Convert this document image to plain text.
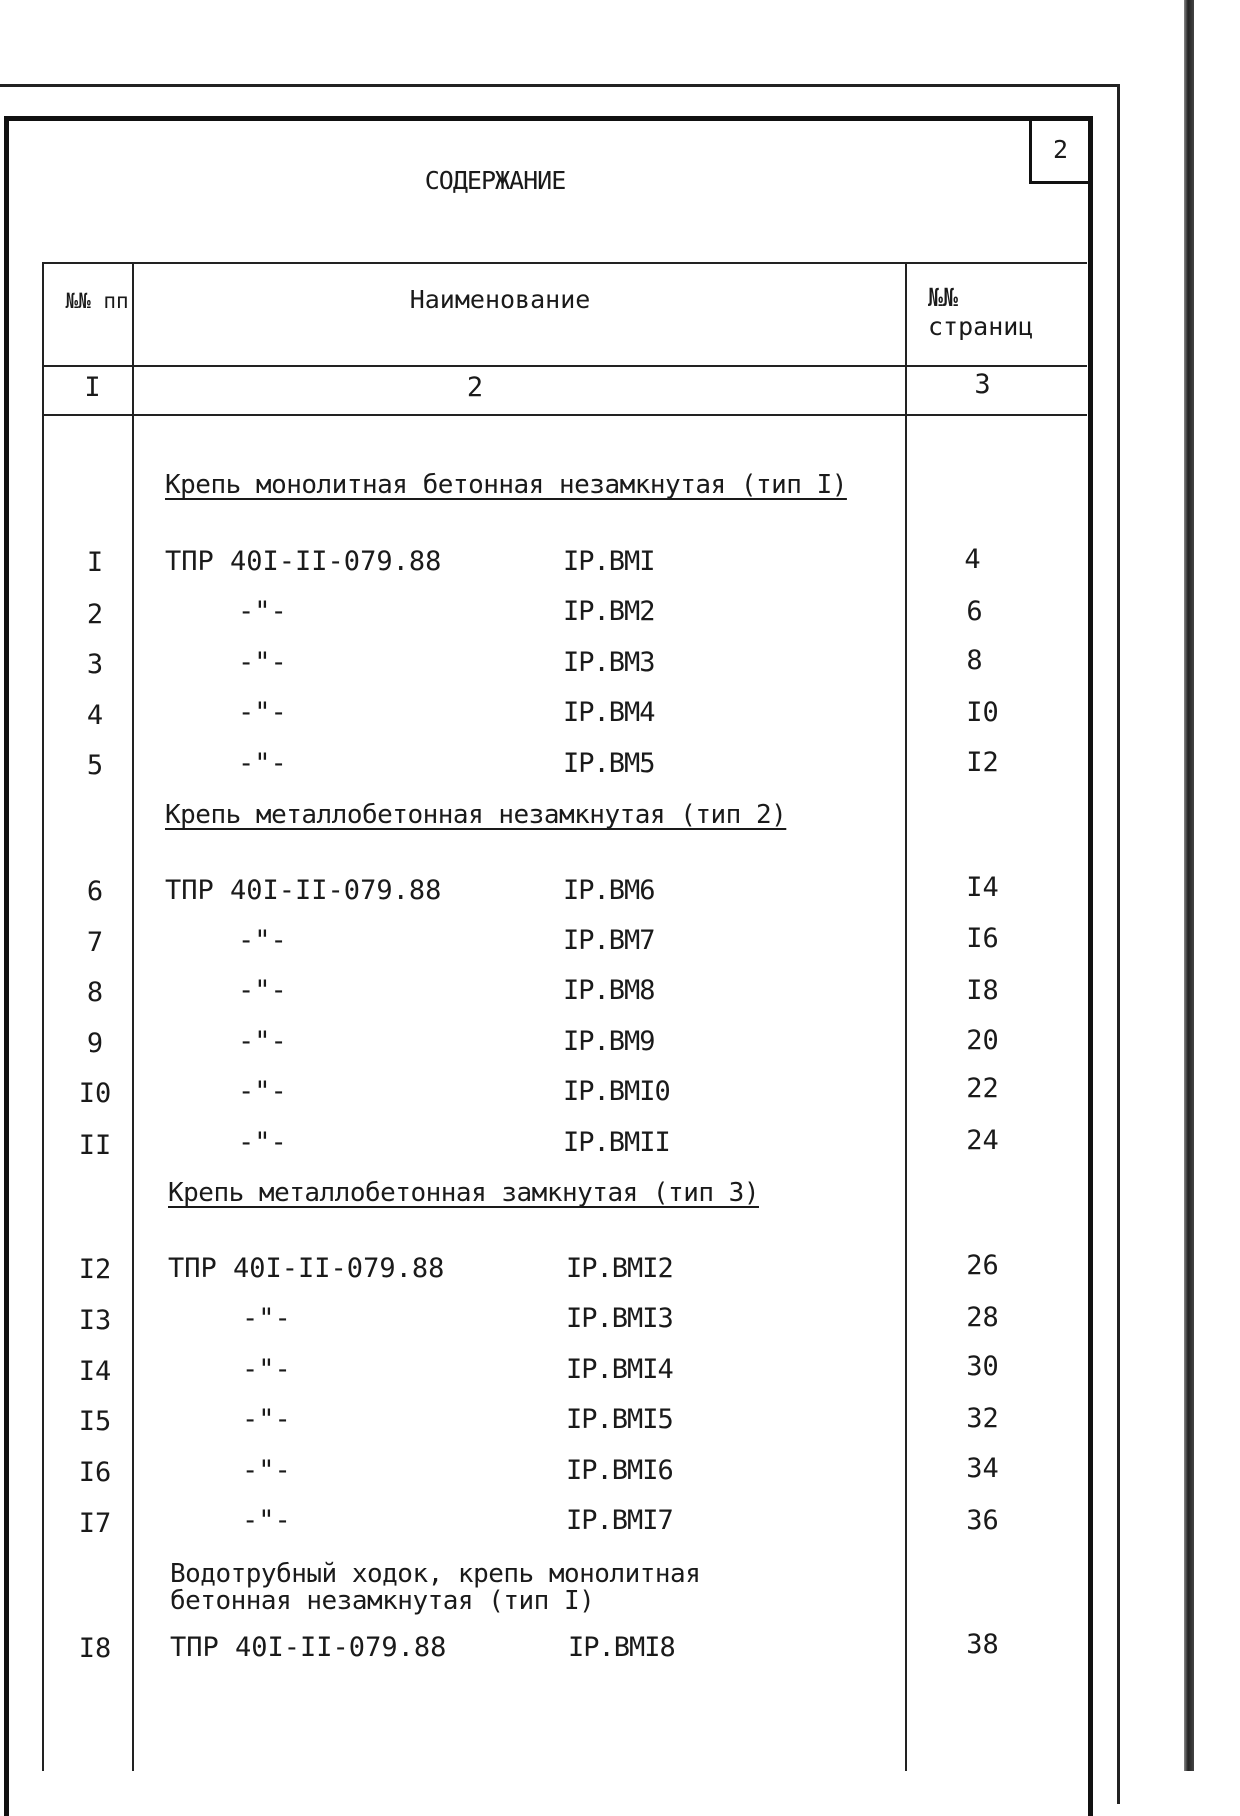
2
СОДЕРЖАНИЕ
№№ пп	Наименование	№№ страниц
I	2	3
Крепь монолитная бетонная незамкнутая (тип I)
I	ТПР 40I-II-079.88	IP.BMI	4
2	-"-	IP.BM2	6
3	-"-	IP.BM3	8
4	-"-	IP.BM4	I0
5	-"-	IP.BM5	I2
Крепь металлобетонная незамкнутая (тип 2)
6	ТПР 40I-II-079.88	IP.BM6	I4
7	-"-	IP.BM7	I6
8	-"-	IP.BM8	I8
9	-"-	IP.BM9	20
I0	-"-	IP.BMI0	22
II	-"-	IP.BMII	24
Крепь металлобетонная замкнутая (тип 3)
I2	ТПР 40I-II-079.88	IP.BMI2	26
I3	-"-	IP.BMI3	28
I4	-"-	IP.BMI4	30
I5	-"-	IP.BMI5	32
I6	-"-	IP.BMI6	34
I7	-"-	IP.BMI7	36
Водотрубный ходок, крепь монолитная
бетонная незамкнутая (тип I)
I8	ТПР 40I-II-079.88	IP.BMI8	38
